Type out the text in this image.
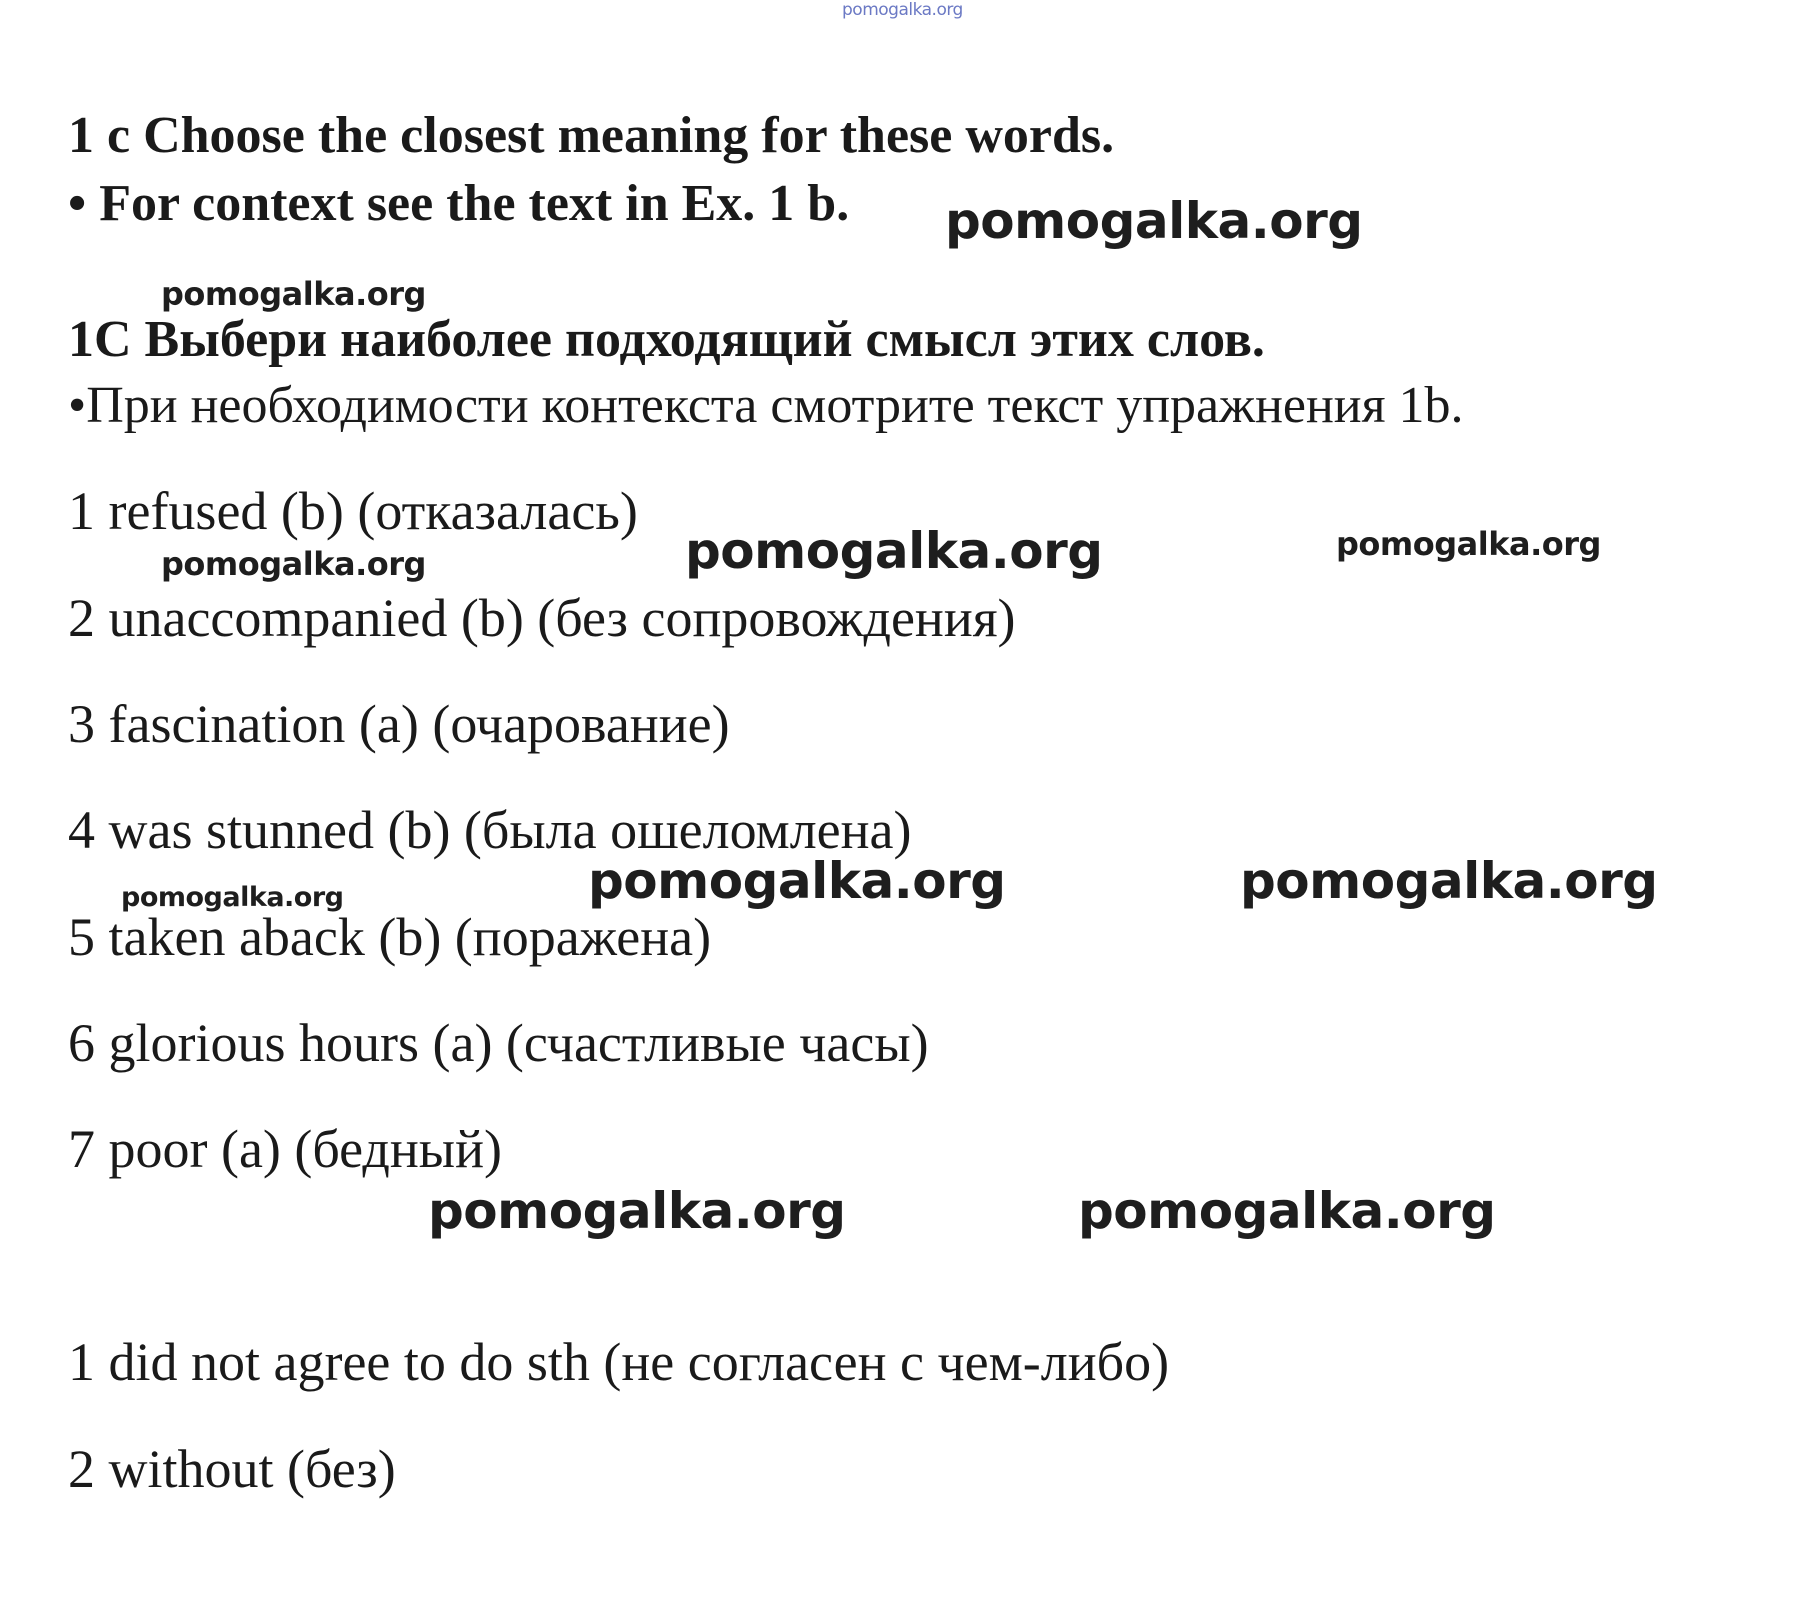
pomogalka.org
1 c Choose the closest meaning for these words.
• For context see the text in Ex. 1 b.
1С Выбери наиболее подходящий смысл этих слов.
•При необходимости контекста смотрите текст упражнения 1b.
1 refused (b) (отказалась)
2 unaccompanied (b) (без сопровождения)
3 fascination (a) (очарование)
4 was stunned (b) (была ошеломлена)
5 taken aback (b) (поражена)
6 glorious hours (a) (счастливые часы)
7 poor (a) (бедный)
1 did not agree to do sth (не согласен с чем-либо)
2 without (без)
pomogalka.org
pomogalka.org
pomogalka.org	pomogalka.org
pomogalka.org
pomogalka.org	pomogalka.org	pomogalka.org
pomogalka.org	pomogalka.org
